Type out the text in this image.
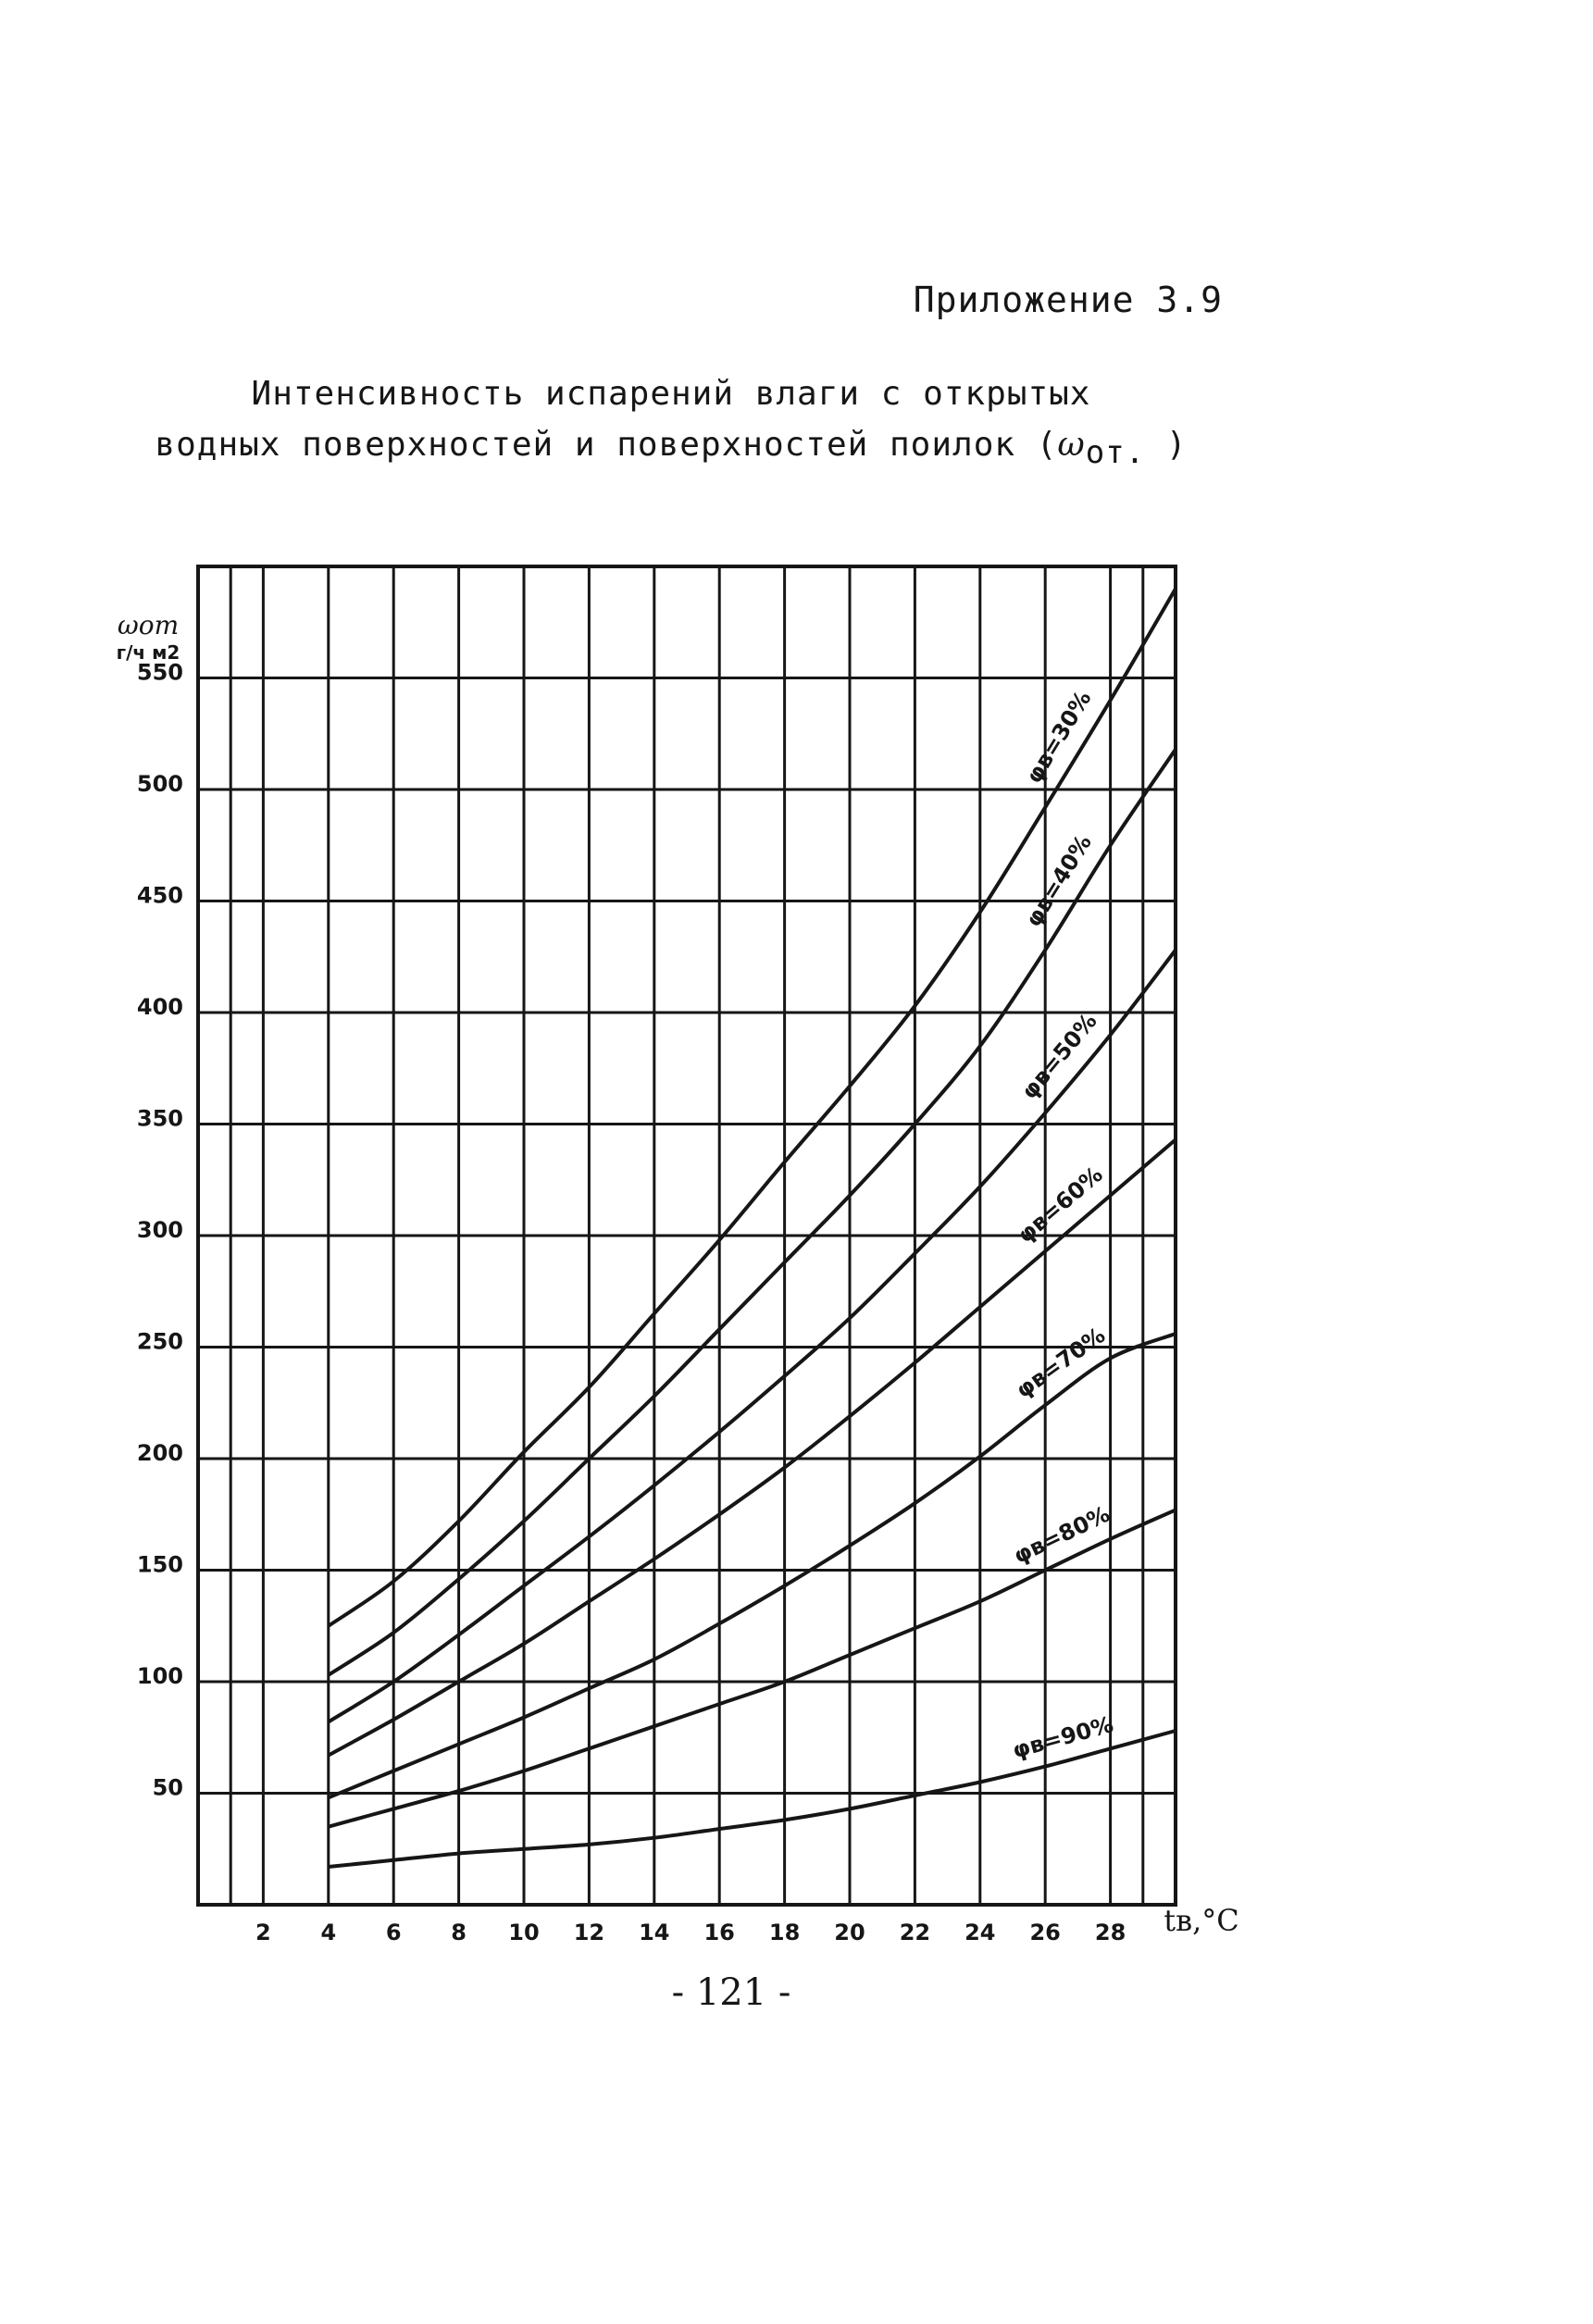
Приложение 3.9
Интенсивность испарений влаги с открытых
водных поверхностей и поверхностей поилок ($\omega_{от.}$ )
φв=30%
φв=40%
φв=50%
φв=60%
φв=70%
φв=80%
φв=90%
50
100
150
200
250
300
350
400
450
500
550
2 4 6 8 10 12 14 16 18 20 22 24 26 28
ωот
г/ч м2
tв,°C
- 121 -
